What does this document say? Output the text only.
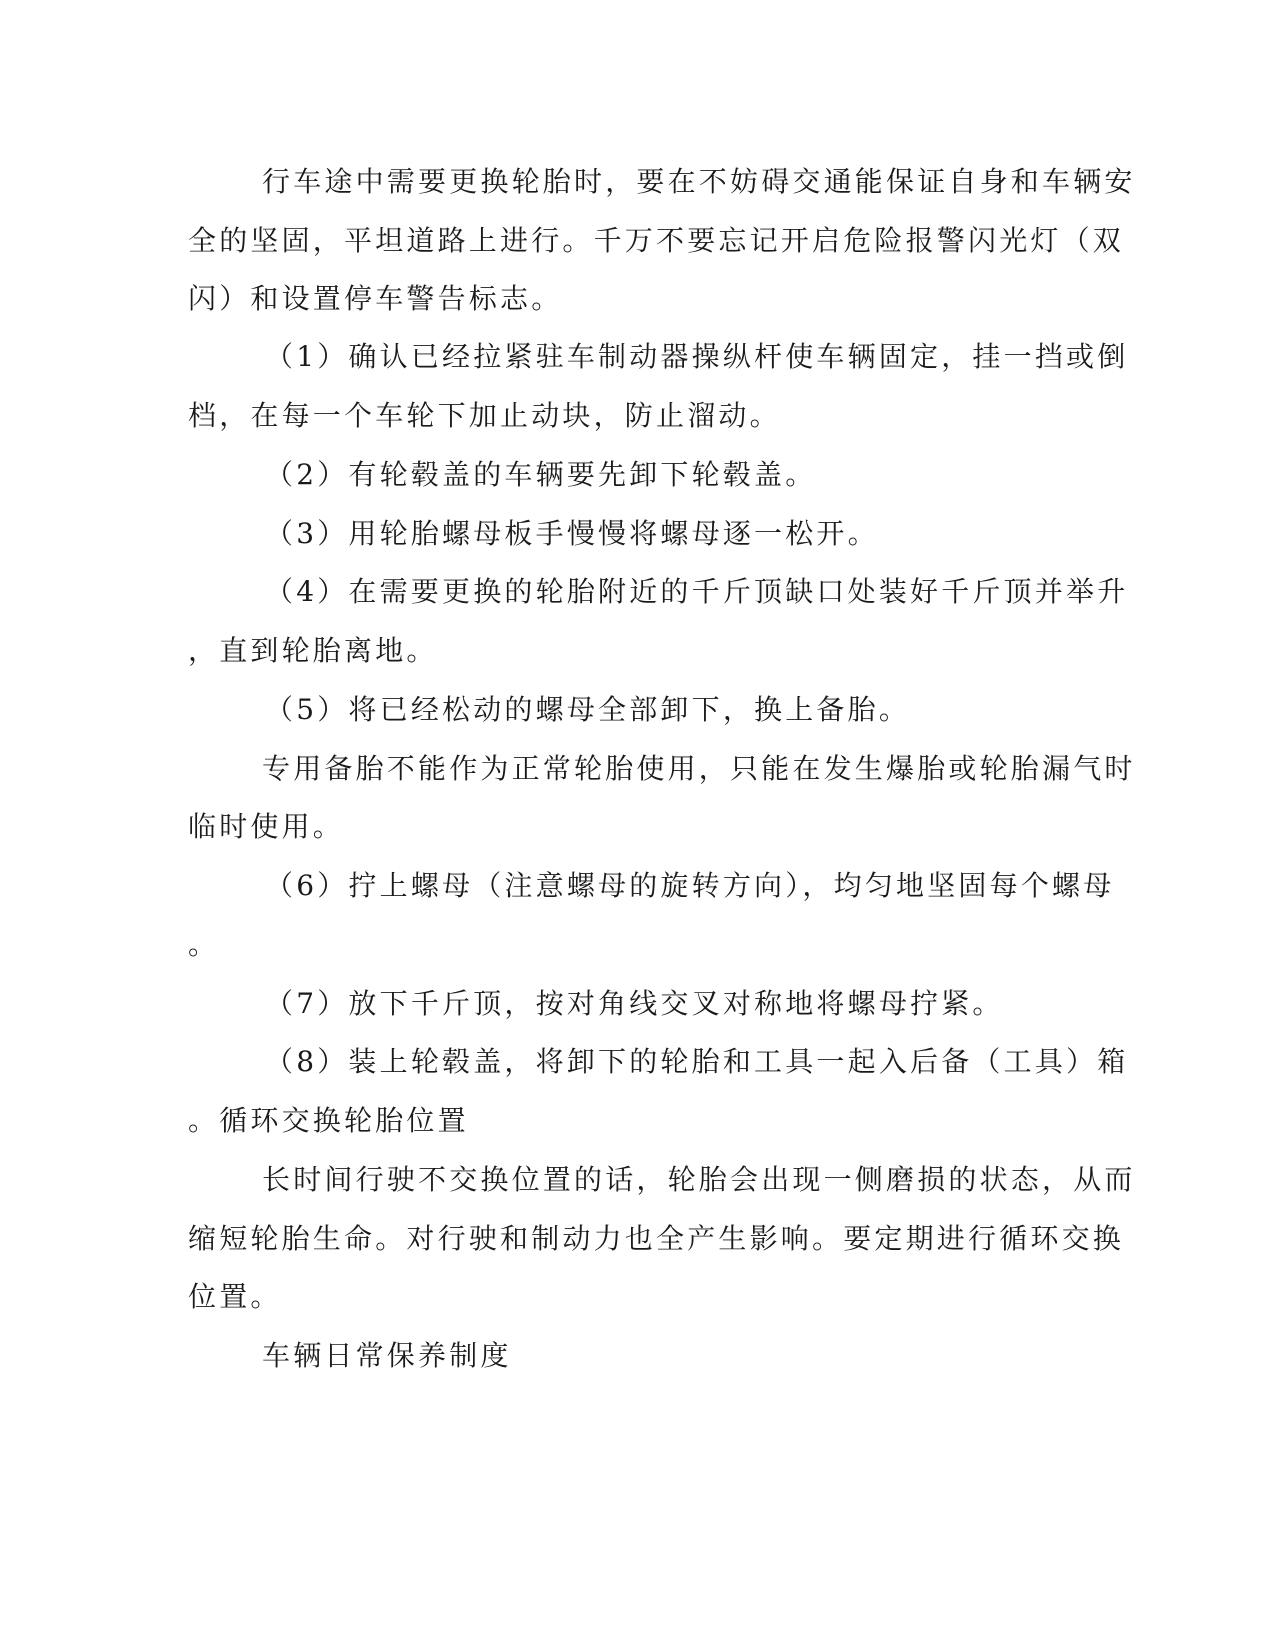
行车途中需要更换轮胎时，要在不妨碍交通能保证自身和车辆安
全的坚固，平坦道路上进行。千万不要忘记开启危险报警闪光灯（双
闪）和设置停车警告标志。
（1）确认已经拉紧驻车制动器操纵杆使车辆固定，挂一挡或倒
档，在每一个车轮下加止动块，防止溜动。
（2）有轮毂盖的车辆要先卸下轮毂盖。
（3）用轮胎螺母板手慢慢将螺母逐一松开。
（4）在需要更换的轮胎附近的千斤顶缺口处装好千斤顶并举升
，直到轮胎离地。
（5）将已经松动的螺母全部卸下，换上备胎。
专用备胎不能作为正常轮胎使用，只能在发生爆胎或轮胎漏气时
临时使用。
（6）拧上螺母（注意螺母的旋转方向），均匀地坚固每个螺母
。
（7）放下千斤顶，按对角线交叉对称地将螺母拧紧。
（8）装上轮毂盖，将卸下的轮胎和工具一起入后备（工具）箱
。循环交换轮胎位置
长时间行驶不交换位置的话，轮胎会出现一侧磨损的状态，从而
缩短轮胎生命。对行驶和制动力也全产生影响。要定期进行循环交换
位置。
车辆日常保养制度
